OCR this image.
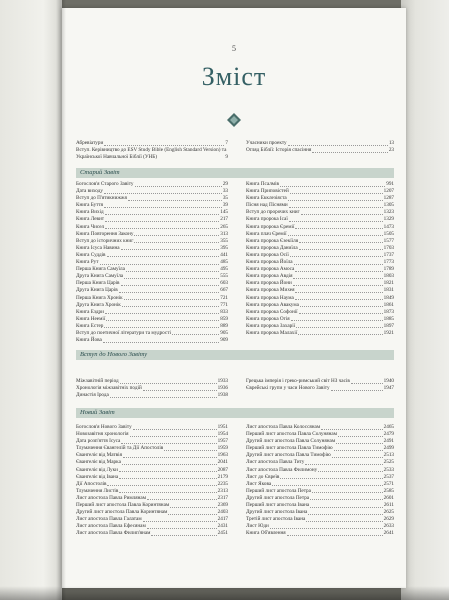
5
Зміст
Абревіатури	7
Вступ. Керівництво до ESV Study Bible (English Standard Version) та Української Навчальної Біблії (УНБ)	9
Учасники проекту	13
Огляд Біблії: Історія спасіння	23
Старий Завіт
Богослов'я Старого Завіту	29
Дата виходу	33
Вступ до П'ятикнижжя	35
Книга Буття	39
Книга Вихід	145
Книга Левит	217
Книга Чисел	265
Книга Повторення Закону	313
Вступ до історичних книг	355
Книга Ісуса Навина	395
Книга Суддів	441
Книга Рут	485
Перша Книга Самуїла	495
Друга Книга Самуїла	555
Перша Книга Царів	603
Друга Книга Царів	667
Перша Книга Хронік	721
Друга Книга Хронік	771
Книга Ездри	833
Книга Неемії	859
Книга Естер	889
Вступ до поетичної літератури та мудрості	905
Книга Йова	909
Книга Псалмів	991
Книга Приповістей	1207
Книга Екклезіяста	1287
Пісня над Піснями	1305
Вступ до пророчих книг	1323
Книга пророка Ісаї	1329
Книга пророка Єремії	1473
Книга плач Єремії	1505
Книга пророка Єзекіїля	1577
Книга пророка Даниїла	1703
Книга пророка Осії	1737
Книга пророка Йоїла	1773
Книга пророка Амоса	1789
Книга пророка Авдія	1803
Книга пророка Йони	1821
Книга пророка Михея	1831
Книга пророка Наума	1849
Книга пророка Авакума	1861
Книга пророка Софонії	1873
Книга пророка Огія	1885
Книга пророка Захарії	1897
Книга пророка Малахії	1921
Вступ до Нового Завіту
Міжзавітній період	1933
Хронологія міжзавітніх подій	1936
Династія Ірода	1938
Грецька імперія і греко-римський світ НЗ часів	1940
Єврейські групи у часи Нового Завіту	1947
Новий Завіт
Богослов'я Нового Завіту	1951
Новозавітня хронологія	1954
Дата розп'яття Ісуса	1957
Тлумачення Євангелій та Дії Апостолів	1959
Євангеліє від Матвія	1963
Євангеліє від Марка	2041
Євангеліє від Луки	2087
Євангеліє від Івана	2179
Дії Апостолів	2235
Тлумачення Листів	2313
Лист апостола Павла Римлянам	2317
Перший лист апостола Павла Коринтянам	2369
Другий лист апостола Павла Коринтянам	2403
Лист апостола Павла Галатам	2417
Лист апостола Павла Ефесянам	2431
Лист апостола Павла Филип'янам	2451
Лист апостола Павла Колоссянам	2465
Перший лист апостола Павла Солунянам	2479
Другий лист апостола Павла Солунянам	2491
Перший лист апостола Павла Тимофію	2499
Другий лист апостола Павла Тимофію	2513
Лист апостола Павла Титу	2525
Лист апостола Павла Филимону	2533
Лист до Євреїв	2537
Лист Якова	2571
Перший лист апостола Петра	2585
Другий лист апостола Петра	2601
Перший лист апостола Івана	2611
Другий лист апостола Івана	2625
Третій лист апостола Івана	2629
Лист Юди	2633
Книга Об'явлення	2641
